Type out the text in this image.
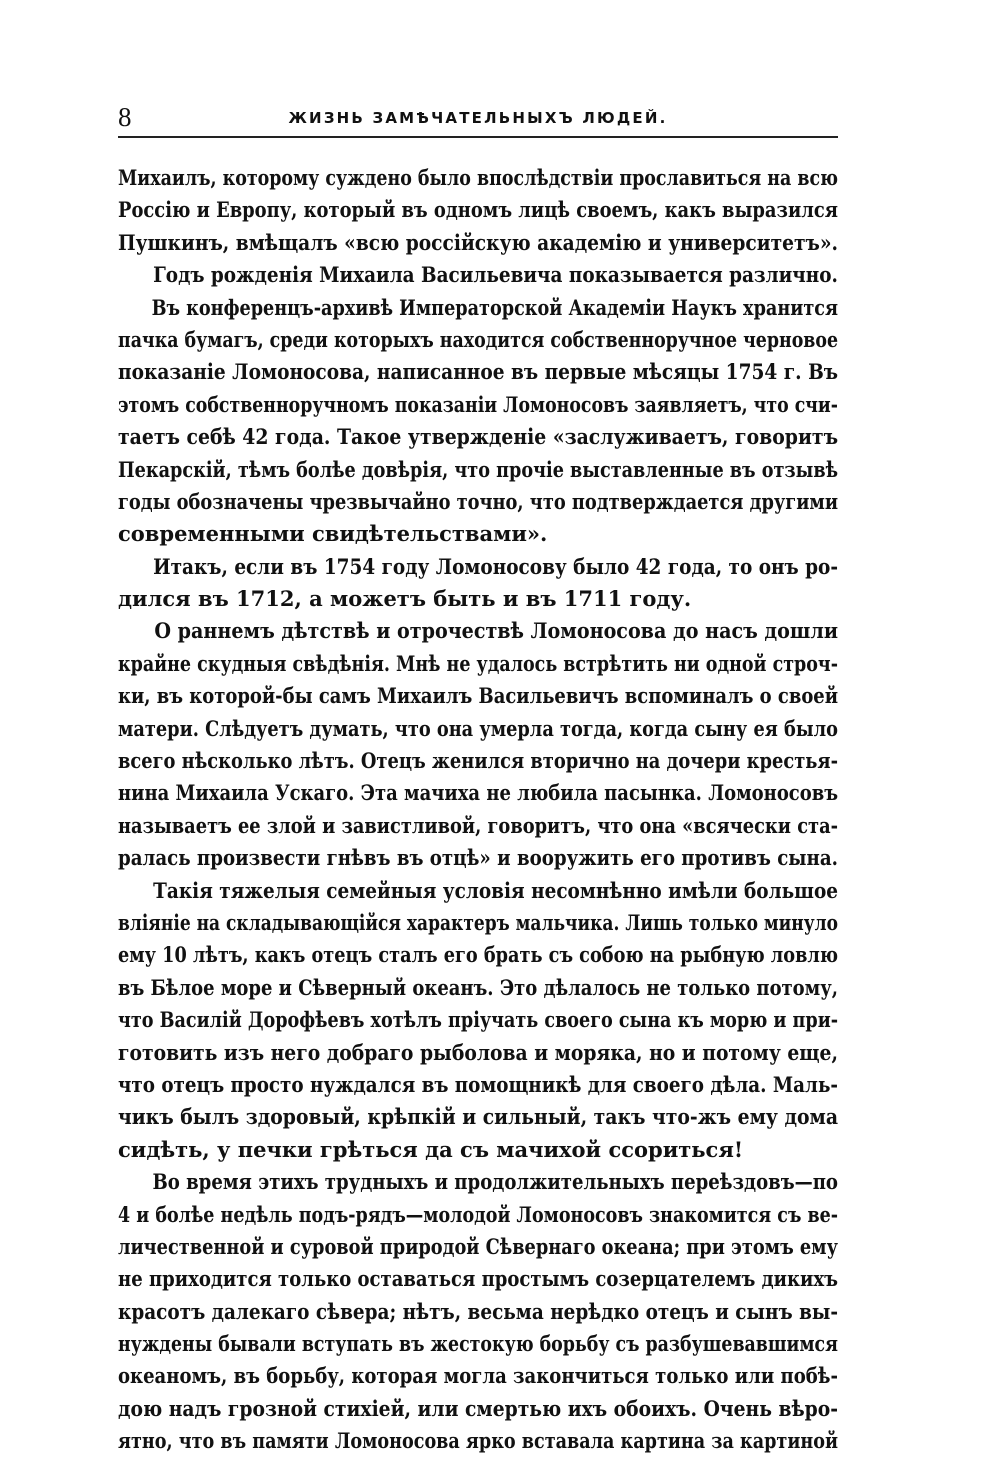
8	ЖИЗНЬ ЗАМѢЧАТЕЛЬНЫХЪ ЛЮДЕЙ.
Михаилъ, которому суждено было впослѣдствіи прославиться на всю
Россію и Европу, который въ одномъ лицѣ своемъ, какъ выразился
Пушкинъ, вмѣщалъ «всю россійскую академію и университетъ».
Годъ рожденія Михаила Васильевича показывается различно.
Въ конференцъ-архивѣ Императорской Академіи Наукъ хранится
пачка бумагъ, среди которыхъ находится собственноручное черновое
показаніе Ломоносова, написанное въ первые мѣсяцы 1754 г. Въ
этомъ собственноручномъ показаніи Ломоносовъ заявляетъ, что счи-
таетъ себѣ 42 года. Такое утвержденіе «заслуживаетъ, говоритъ
Пекарскій, тѣмъ болѣе довѣрія, что прочіе выставленные въ отзывѣ
годы обозначены чрезвычайно точно, что подтверждается другими
современными свидѣтельствами».
Итакъ, если въ 1754 году Ломоносову было 42 года, то онъ ро-
дился въ 1712, а можетъ быть и въ 1711 году.
О раннемъ дѣтствѣ и отрочествѣ Ломоносова до насъ дошли
крайне скудныя свѣдѣнія. Мнѣ не удалось встрѣтить ни одной строч-
ки, въ которой-бы самъ Михаилъ Васильевичъ вспоминалъ о своей
матери. Слѣдуетъ думать, что она умерла тогда, когда сыну ея было
всего нѣсколько лѣтъ. Отецъ женился вторично на дочери крестья-
нина Михаила Ускаго. Эта мачиха не любила пасынка. Ломоносовъ
называетъ ее злой и завистливой, говоритъ, что она «всячески ста-
ралась произвести гнѣвъ въ отцѣ» и вооружить его противъ сына.
Такія тяжелыя семейныя условія несомнѣнно имѣли большое
вліяніе на складывающійся характеръ мальчика. Лишь только минуло
ему 10 лѣтъ, какъ отецъ сталъ его брать съ собою на рыбную ловлю
въ Бѣлое море и Сѣверный океанъ. Это дѣлалось не только потому,
что Василій Дорофѣевъ хотѣлъ пріучать своего сына къ морю и при-
готовить изъ него добраго рыболова и моряка, но и потому еще,
что отецъ просто нуждался въ помощникѣ для своего дѣла. Маль-
чикъ былъ здоровый, крѣпкій и сильный, такъ что-жъ ему дома
сидѣть, у печки грѣться да съ мачихой ссориться!
Во время этихъ трудныхъ и продолжительныхъ переѣздовъ—по
4 и болѣе недѣль подъ-рядъ—молодой Ломоносовъ знакомится съ ве-
личественной и суровой природой Сѣвернаго океана; при этомъ ему
не приходится только оставаться простымъ созерцателемъ дикихъ
красотъ далекаго сѣвера; нѣтъ, весьма нерѣдко отецъ и сынъ вы-
нуждены бывали вступать въ жестокую борьбу съ разбушевавшимся
океаномъ, въ борьбу, которая могла закончиться только или побѣ-
дою надъ грозной стихіей, или смертью ихъ обоихъ. Очень вѣро-
ятно, что въ памяти Ломоносова ярко вставала картина за картиной
